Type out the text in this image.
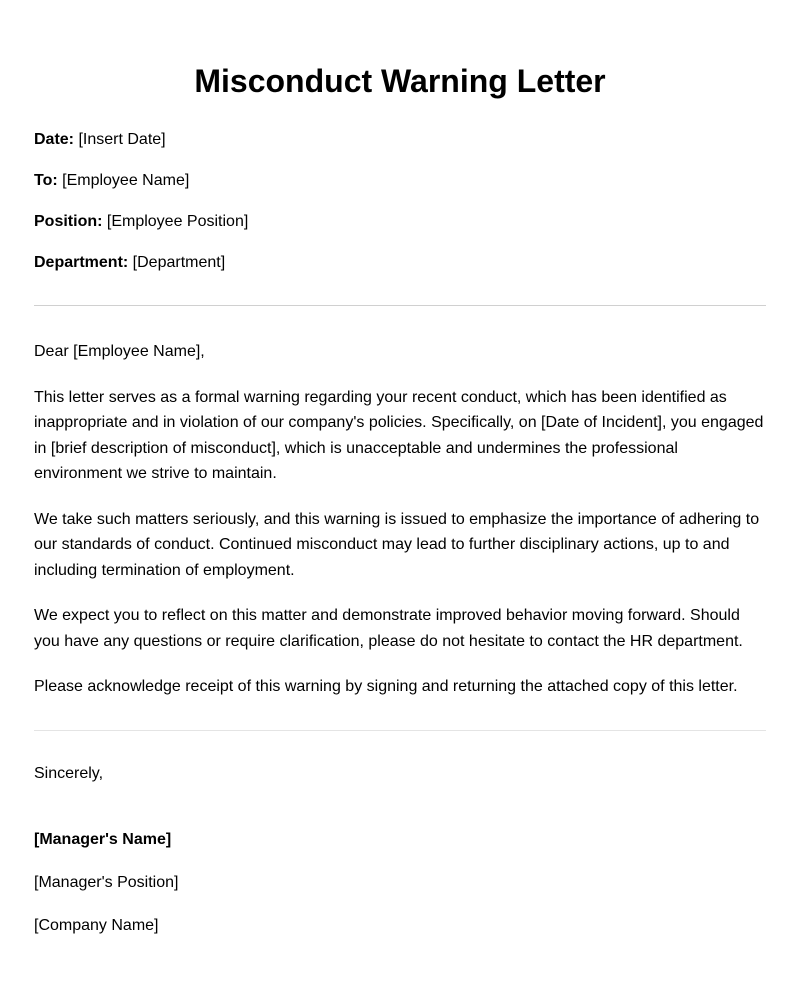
Misconduct Warning Letter

Date: [Insert Date]

To: [Employee Name]

Position: [Employee Position]

Department: [Department]

Dear [Employee Name],

This letter serves as a formal warning regarding your recent conduct, which has been identified as inappropriate and in violation of our company's policies. Specifically, on [Date of Incident], you engaged in [brief description of misconduct], which is unacceptable and undermines the professional environment we strive to maintain.

We take such matters seriously, and this warning is issued to emphasize the importance of adhering to our standards of conduct. Continued misconduct may lead to further disciplinary actions, up to and including termination of employment.

We expect you to reflect on this matter and demonstrate improved behavior moving forward. Should you have any questions or require clarification, please do not hesitate to contact the HR department.

Please acknowledge receipt of this warning by signing and returning the attached copy of this letter.

Sincerely,

[Manager's Name]

[Manager's Position]

[Company Name]
